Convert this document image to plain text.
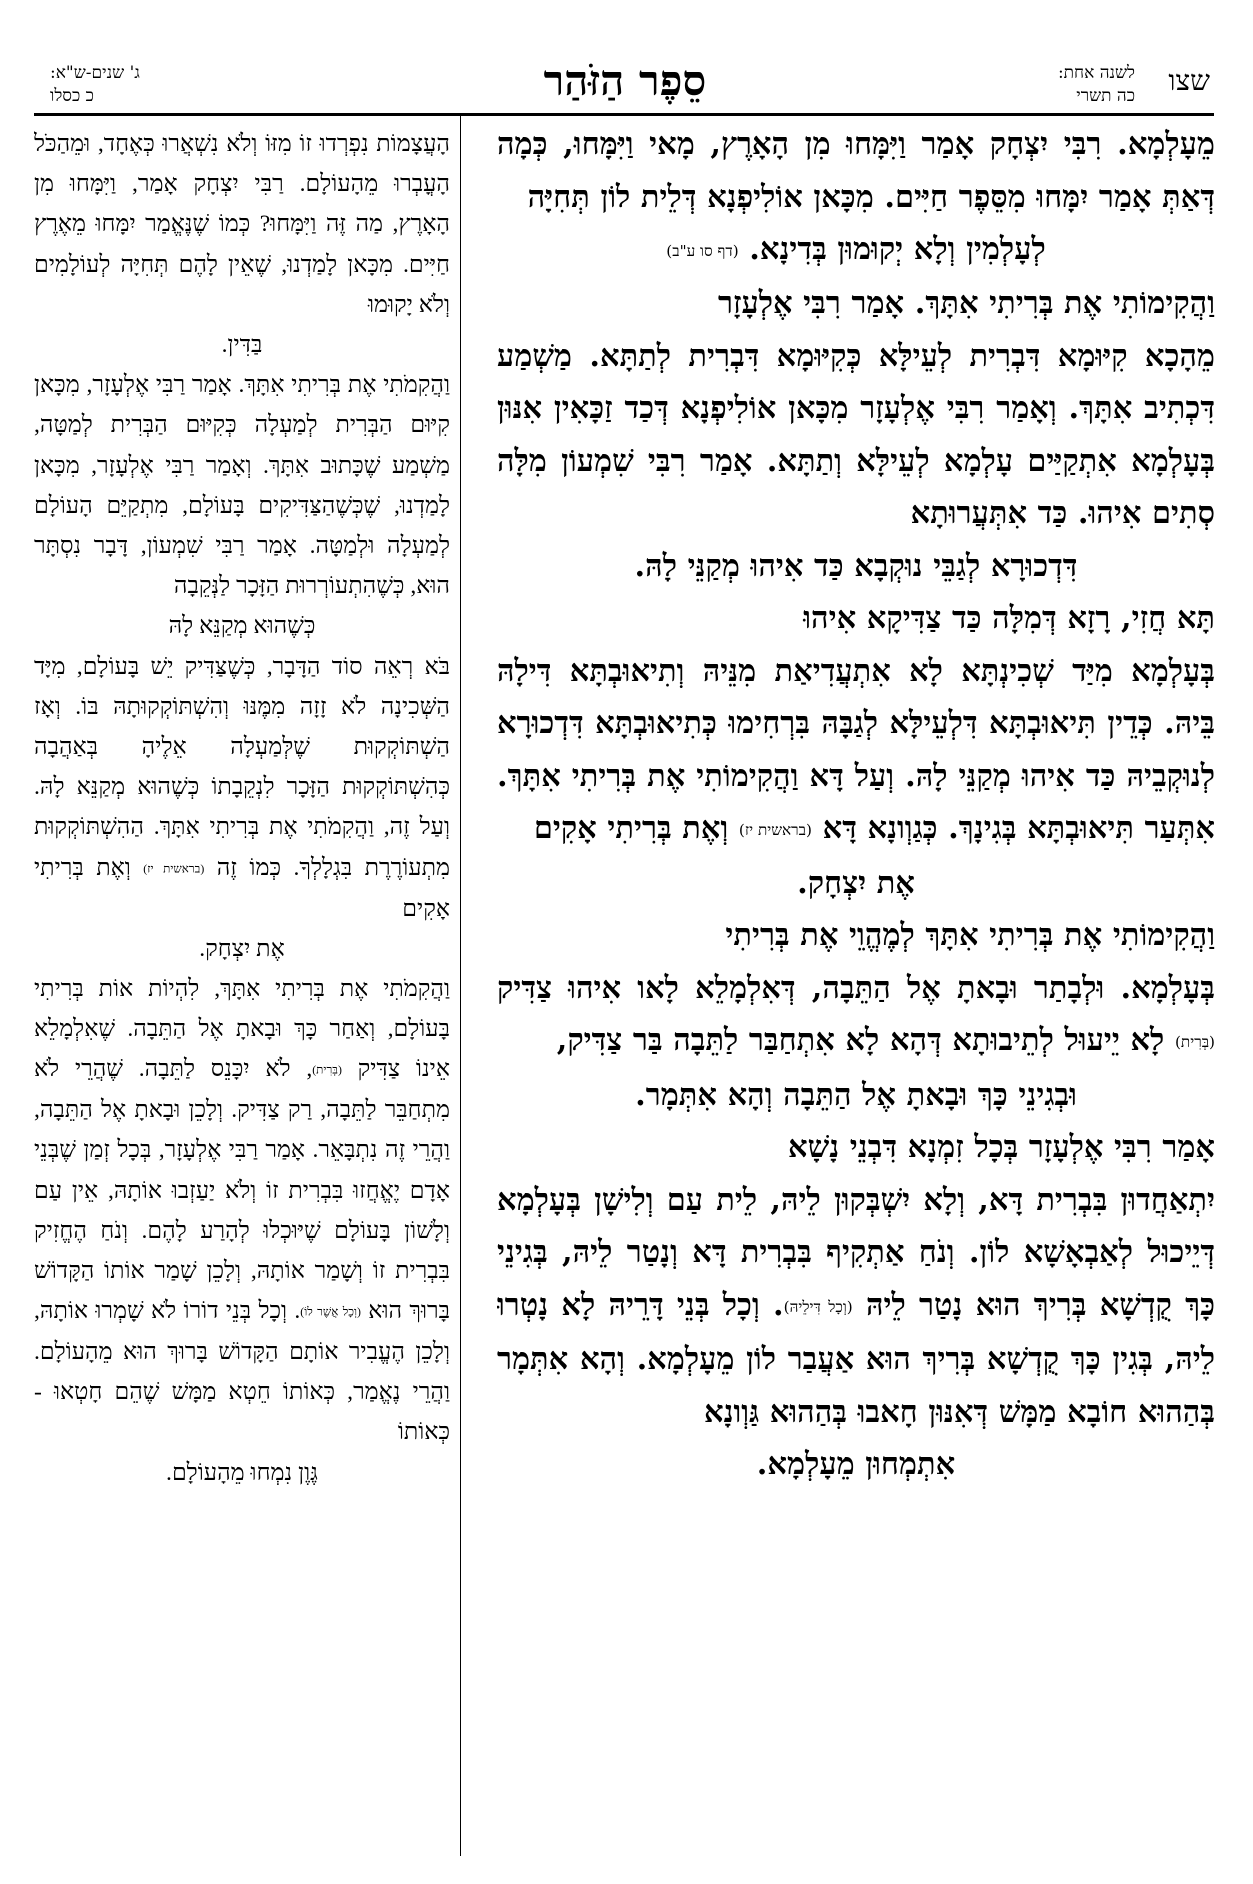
שצו
לשנה אחת:
כה תשרי
סֵפֶר הַזֹּהַר
ג' שנים-ש"א:
כ כסלו

מֵעָלְמָא. רִבִּי יִצְחָק אָמַר וַיִּמָּחוּ מִן הָאָרֶץ, מָאי וַיִּמָּחוּ, כְּמָה דְּאַתְּ אָמַר יִמָּחוּ מִסֵּפֶר חַיִּים. מִכָּאן אוֹלִיפְנָא דְּלֵית לוֹן תְּחִיָּה

לְעָלְמִין וְלָא יְקוּמוּן בְּדִינָא. (דף סו ע"ב)

וַהֲקִימוֹתִי אֶת בְּרִיתִי אִתָּךְ. אָמַר רִבִּי אֶלְעָזָר

מֵהָכָא קִיּוּמָא דִּבְרִית לְעֵילָּא כְּקִיּוּמָא דִּבְרִית לְתַתָּא. מַשְׁמַע דִּכְתִיב אִתָּךְ. וְאָמַר רִבִּי אֶלְעָזָר מִכָּאן אוֹלִיפְנָא דְּכַד זַכָּאִין אִנּוּן בְּעָלְמָא אִתְקַיַּים עָלְמָא לְעֵילָּא וְתַתָּא. אָמַר רִבִּי שִׁמְעוֹן מִלָּה סְתִים אִיהוּ. כַּד אִתְּעֲרוּתָא

דִּדְכוּרָא לְגַבֵּי נוּקְבָא כַּד אִיהוּ מְקַנֵּי לָהּ.

תָּא חֲזִי, רָזָא דְּמִלָּה כַּד צַדִּיקָא אִיהוּ

בְּעָלְמָא מִיַּד שְׁכִינְתָּא לָא אִתְעֲדִיאַת מִנֵּיהּ וְתִיאוּבְתָּא דִּילָהּ בֵּיהּ. כְּדֵין תִּיאוּבְתָּא דִּלְעֵילָּא לְגַבָּהּ בִּרְחִימוּ כְּתִיאוּבְתָּא דִּדְכוּרָא לְנוּקְבֵיהּ כַּד אִיהוּ מְקַנֵּי לָהּ. וְעַל דָּא וַהֲקִימוֹתִי אֶת בְּרִיתִי אִתָּךְ. אִתְּעַר תִּיאוּבְתָּא בְּגִינָךְ. כְּגַוְונָא דָּא (בראשית יז) וְאֶת בְּרִיתִי אָקִים

אֶת יִצְחָק.

וַהֲקִימוֹתִי אֶת בְּרִיתִי אִתָּךְ לְמֶהֱוֵי אֶת בְּרִיתִי

בְּעָלְמָא. וּלְבָתַר וּבָאתָ אֶל הַתֵּבָה, דְּאִלְמָלֵא לָאו אִיהוּ צַדִּיק (בְּרִית) לָא יֵיעוּל לְתֵיבוּתָא דְּהָא לָא אִתְחַבַּר לַתֵּבָה בַּר צַדִּיק,

וּבְגִינֵי כָּךְ וּבָאתָ אֶל הַתֵּבָה וְהָא אִתְּמָר.

אָמַר רִבִּי אֶלְעָזָר בְּכָל זִמְנָא דִּבְנֵי נָשָׁא

יִתְאַחֲדוּן בִּבְרִית דָּא, וְלָא יִשְׁבְּקוּן לֵיהּ, לֵית עַם וְלִישָׁן בְּעָלְמָא דְּיֵיכוּל לְאַבְאָשָׁא לוֹן. וְנֹחַ אַתְקִיף בִּבְרִית דָּא וְנָטַר לֵיהּ, בְּגִינֵי כָּךְ קֻדְשָׁא בְּרִיךְ הוּא נָטַר לֵיהּ (וְכָל דִּילֵיהּ). וְכָל בְּנֵי דָּרֵיהּ לָא נָטְרוּ לֵיהּ, בְּגִין כָּךְ קֻדְשָׁא בְּרִיךְ הוּא אַעֲבַר לוֹן מֵעָלְמָא. וְהָא אִתְּמָר בְּהַהוּא חוֹבָא מַמָּשׁ דְּאִנּוּן חָאבוּ בְּהַהוּא גַּוְונָא

אִתְמְחוּן מֵעָלְמָא.

הָעֲצָמוֹת נִפְרְדוּ זוֹ מִזּוֹ וְלֹא נִשְׁאֲרוּ כְּאֶחָד, וּמֵהַכֹּל הָעֳבְרוּ מֵהָעוֹלָם. רַבִּי יִצְחָק אָמַר, וַיִּמָּחוּ מִן הָאָרֶץ, מַה זֶּה וַיִּמָּחוּ? כְּמוֹ שֶׁנֶּאֱמַר יִמָּחוּ מֵאֶרֶץ חַיִּים. מִכָּאן לָמַדְנוּ, שֶׁאֵין לָהֶם תְּחִיָּה לְעוֹלָמִים וְלֹא יָקוּמוּ

בַּדִּין.

וַהֲקִמֹתִי אֶת בְּרִיתִי אִתָּךְ. אָמַר רַבִּי אֶלְעָזָר, מִכָּאן קִיּוּם הַבְּרִית לְמַעְלָה כְּקִיּוּם הַבְּרִית לְמַטָּה, מַשְׁמַע שֶׁכָּתוּב אִתָּךְ. וְאָמַר רַבִּי אֶלְעָזָר, מִכָּאן לָמַדְנוּ, שֶׁכְּשֶׁהַצַּדִּיקִים בָּעוֹלָם, מִתְקַיֵּם הָעוֹלָם לְמַעְלָה וּלְמַטָּה. אָמַר רַבִּי שִׁמְעוֹן, דָּבָר נִסְתָּר הוּא, כְּשֶׁהִתְעוֹרְרוּת הַזָּכָר לַנְּקֵבָה

כְּשֶׁהוּא מְקַנֵּא לָהּ

בֹּא רְאֵה סוֹד הַדָּבָר, כְּשֶׁצַּדִּיק יֵשׁ בָּעוֹלָם, מִיָּד הַשְּׁכִינָה לֹא זָזָה מִמֶּנּוּ וְהִשְׁתּוֹקְקוּתָהּ בּוֹ. וְאָז הַשְׁתּוֹקְקוּת שֶׁלְּמַעְלָה אֵלֶיהָ בְּאַהֲבָה כְּהִשְׁתּוֹקְקוּת הַזָּכָר לִנְקֵבָתוֹ כְּשֶׁהוּא מְקַנֵּא לָהּ. וְעַל זֶה, וַהֲקִמֹתִי אֶת בְּרִיתִי אִתָּךְ. הַהִשְׁתּוֹקְקוּת מִתְעוֹרֶרֶת בִּגְלָלְךָ. כְּמוֹ זֶה (בראשית יז) וְאֶת בְּרִיתִי אָקִים

אֶת יִצְחָק.

וַהֲקִמֹתִי אֶת בְּרִיתִי אִתָּךְ, לִהְיוֹת אוֹת בְּרִיתִי בָּעוֹלָם, וְאַחַר כָּךְ וּבָאתָ אֶל הַתֵּבָה. שֶׁאִלְמָלֵא אֵינוֹ צַדִּיק (בְּרִית), לֹא יִכָּנֵס לַתֵּבָה. שֶׁהֲרֵי לֹא מִתְחַבֵּר לַתֵּבָה, רַק צַדִּיק. וְלָכֵן וּבָאתָ אֶל הַתֵּבָה, וַהֲרֵי זֶה נִתְבָּאֵר. אָמַר רַבִּי אֶלְעָזָר, בְּכָל זְמַן שֶׁבְּנֵי אָדָם יֶאֱחֲזוּ בִּבְרִית זוֹ וְלֹא יַעַזְבוּ אוֹתָהּ, אֵין עַם וְלָשׁוֹן בָּעוֹלָם שֶׁיּוּכְלוּ לְהָרַע לָהֶם. וְנֹחַ הֶחֱזִיק בִּבְרִית זוֹ וְשָׁמַר אוֹתָהּ, וְלָכֵן שָׁמַר אוֹתוֹ הַקָּדוֹשׁ בָּרוּךְ הוּא (וְכָל אֲשֶׁר לוֹ). וְכָל בְּנֵי דוֹרוֹ לֹא שָׁמְרוּ אוֹתָהּ, וְלָכֵן הֶעֱבִיר אוֹתָם הַקָּדוֹשׁ בָּרוּךְ הוּא מֵהָעוֹלָם. וַהֲרֵי נֶאֱמַר, כְּאוֹתוֹ חֵטְא מַמָּשׁ שֶׁהֵם חָטְאוּ - כְּאוֹתוֹ

גֶּוֶן נִמְחוּ מֵהָעוֹלָם.
